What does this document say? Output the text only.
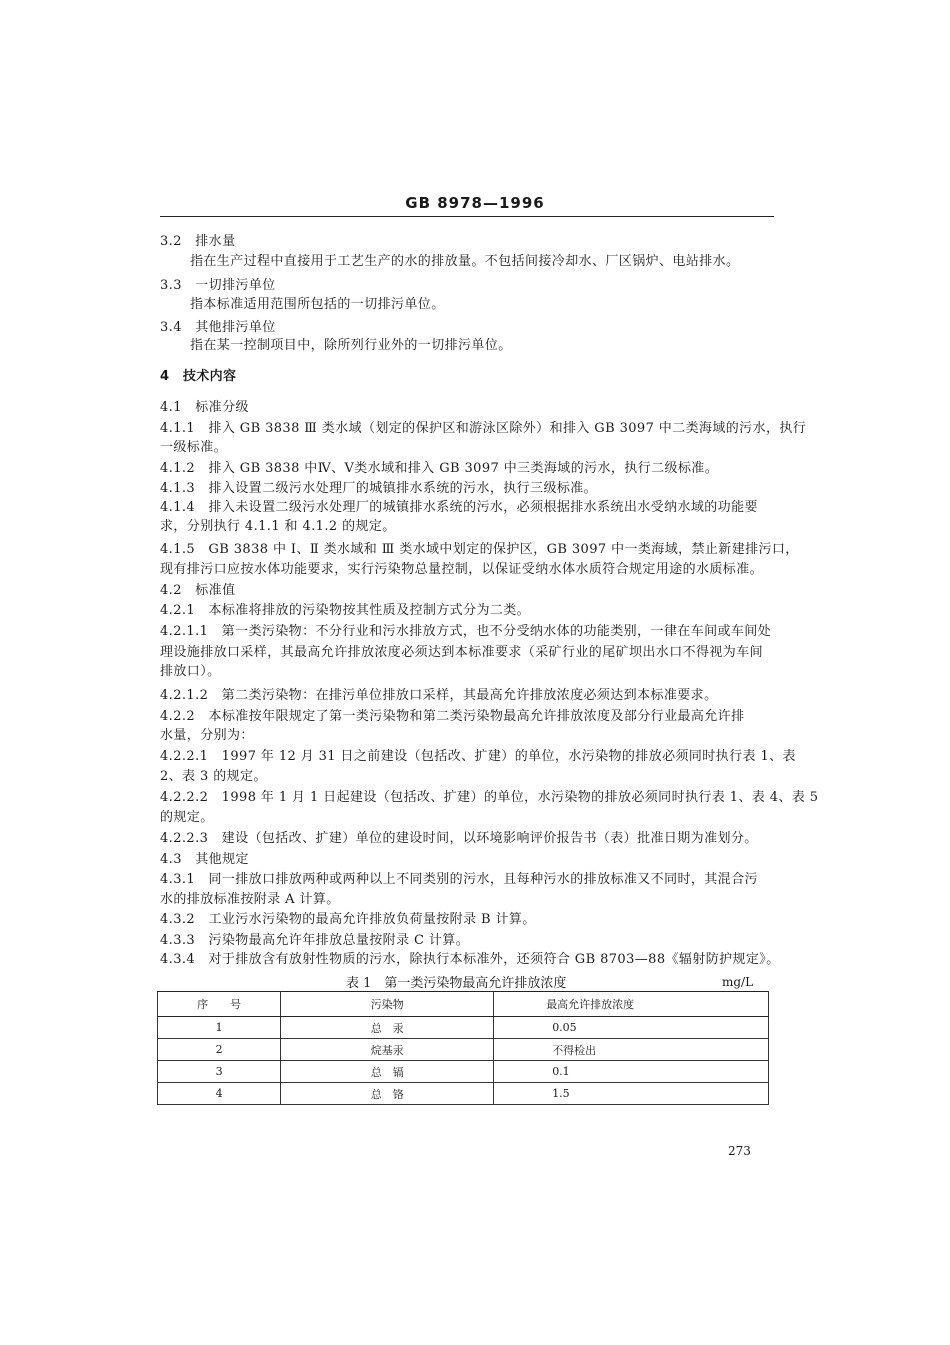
GB 8978—1996
3.2　排水量
指在生产过程中直接用于工艺生产的水的排放量。不包括间接冷却水、厂区锅炉、电站排水。
3.3　一切排污单位
指本标准适用范围所包括的一切排污单位。
3.4　其他排污单位
指在某一控制项目中，除所列行业外的一切排污单位。
4　技术内容
4.1　标准分级
4.1.1　排入 GB 3838 Ⅲ 类水域（划定的保护区和游泳区除外）和排入 GB 3097 中二类海域的污水，执行
一级标准。
4.1.2　排入 GB 3838 中Ⅳ、Ⅴ类水域和排入 GB 3097 中三类海域的污水，执行二级标准。
4.1.3　排入设置二级污水处理厂的城镇排水系统的污水，执行三级标准。
4.1.4　排入未设置二级污水处理厂的城镇排水系统的污水，必须根据排水系统出水受纳水域的功能要
求，分别执行 4.1.1 和 4.1.2 的规定。
4.1.5　GB 3838 中 Ⅰ、Ⅱ 类水域和 Ⅲ 类水域中划定的保护区，GB 3097 中一类海域，禁止新建排污口，
现有排污口应按水体功能要求，实行污染物总量控制，以保证受纳水体水质符合规定用途的水质标准。
4.2　标准值
4.2.1　本标准将排放的污染物按其性质及控制方式分为二类。
4.2.1.1　第一类污染物：不分行业和污水排放方式，也不分受纳水体的功能类别，一律在车间或车间处
理设施排放口采样，其最高允许排放浓度必须达到本标准要求（采矿行业的尾矿坝出水口不得视为车间
排放口）。
4.2.1.2　第二类污染物：在排污单位排放口采样，其最高允许排放浓度必须达到本标准要求。
4.2.2　本标准按年限规定了第一类污染物和第二类污染物最高允许排放浓度及部分行业最高允许排
水量，分别为：
4.2.2.1　1997 年 12 月 31 日之前建设（包括改、扩建）的单位，水污染物的排放必须同时执行表 1、表
2、表 3 的规定。
4.2.2.2　1998 年 1 月 1 日起建设（包括改、扩建）的单位，水污染物的排放必须同时执行表 1、表 4、表 5
的规定。
4.2.2.3　建设（包括改、扩建）单位的建设时间，以环境影响评价报告书（表）批准日期为准划分。
4.3　其他规定
4.3.1　同一排放口排放两种或两种以上不同类别的污水，且每种污水的排放标准又不同时，其混合污
水的排放标准按附录 A 计算。
4.3.2　工业污水污染物的最高允许排放负荷量按附录 B 计算。
4.3.3　污染物最高允许年排放总量按附录 C 计算。
4.3.4　对于排放含有放射性物质的污水，除执行本标准外，还须符合 GB 8703—88《辐射防护规定》。
表 1　第一类污染物最高允许排放浓度	mg/L
序　　号	污染物	最高允许排放浓度
1	总　汞	0.05
2	烷基汞	不得检出
3	总　镉	0.1
4	总　铬	1.5
273
